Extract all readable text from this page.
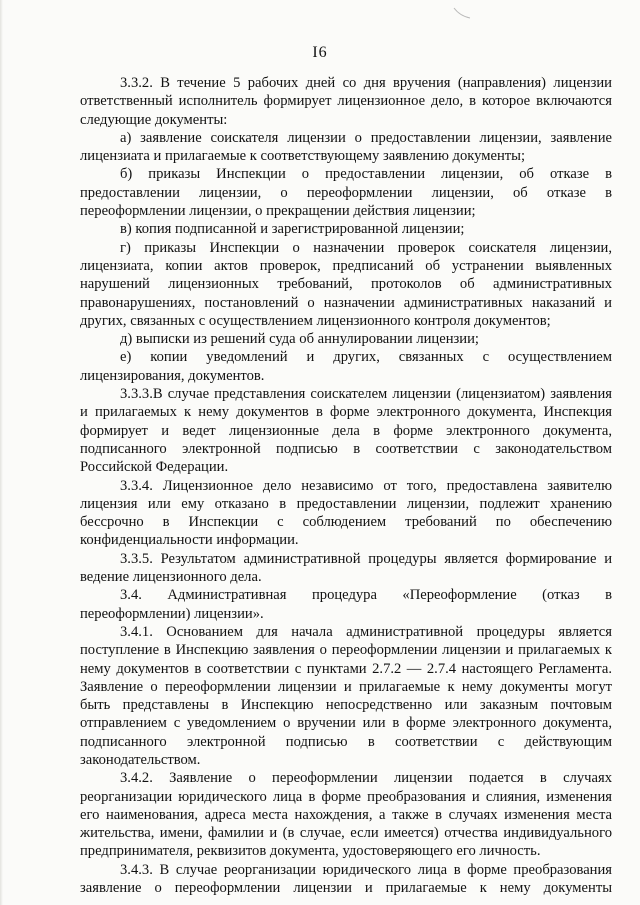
I6

3.3.2. В течение 5 рабочих дней со дня вручения (направления) лицензии ответственный исполнитель формирует лицензионное дело, в которое включаются следующие документы:

а) заявление соискателя лицензии о предоставлении лицензии, заявление лицензиата и прилагаемые к соответствующему заявлению документы;

б) приказы Инспекции о предоставлении лицензии, об отказе в предоставлении лицензии, о переоформлении лицензии, об отказе в переоформлении лицензии, о прекращении действия лицензии;

в) копия подписанной и зарегистрированной лицензии;

г) приказы Инспекции о назначении проверок соискателя лицензии, лицензиата, копии актов проверок, предписаний об устранении выявленных нарушений лицензионных требований, протоколов об административных правонарушениях, постановлений о назначении административных наказаний и других, связанных с осуществлением лицензионного контроля документов;

д) выписки из решений суда об аннулировании лицензии;

е) копии уведомлений и других, связанных с осуществлением лицензирования, документов.

3.3.3.В случае представления соискателем лицензии (лицензиатом) заявления и прилагаемых к нему документов в форме электронного документа, Инспекция формирует и ведет лицензионные дела в форме электронного документа, подписанного электронной подписью в соответствии с законодательством Российской Федерации.

3.3.4. Лицензионное дело независимо от того, предоставлена заявителю лицензия или ему отказано в предоставлении лицензии, подлежит хранению бессрочно в Инспекции с соблюдением требований по обеспечению конфиденциальности информации.

3.3.5. Результатом административной процедуры является формирование и ведение лицензионного дела.

3.4. Административная процедура «Переоформление (отказ в переоформлении) лицензии».

3.4.1. Основанием для начала административной процедуры является поступление в Инспекцию заявления о переоформлении лицензии и прилагаемых к нему документов в соответствии с пунктами 2.7.2 — 2.7.4 настоящего Регламента. Заявление о переоформлении лицензии и прилагаемые к нему документы могут быть представлены в Инспекцию непосредственно или заказным почтовым отправлением с уведомлением о вручении или в форме электронного документа, подписанного электронной подписью в соответствии с действующим законодательством.

3.4.2. Заявление о переоформлении лицензии подается в случаях реорганизации юридического лица в форме преобразования и слияния, изменения его наименования, адреса места нахождения, а также в случаях изменения места жительства, имени, фамилии и (в случае, если имеется) отчества индивидуального предпринимателя, реквизитов документа, удостоверяющего его личность.

3.4.3. В случае реорганизации юридического лица в форме преобразования заявление о переоформлении лицензии и прилагаемые к нему документы
